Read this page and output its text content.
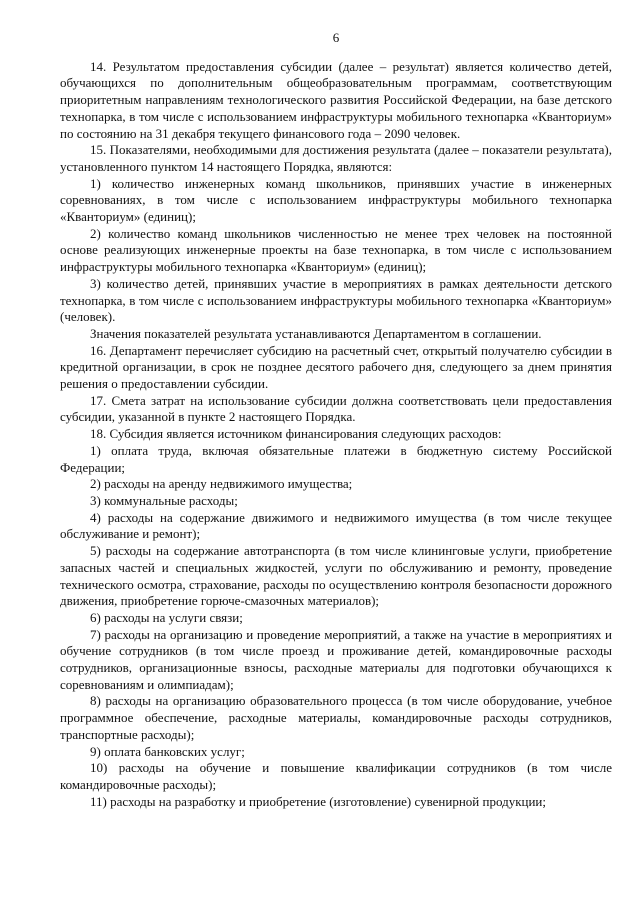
6

14. Результатом предоставления субсидии (далее – результат) является количество детей, обучающихся по дополнительным общеобразовательным программам, соответствующим приоритетным направлениям технологического развития Российской Федерации, на базе детского технопарка, в том числе с использованием инфраструктуры мобильного технопарка «Кванториум» по состоянию на 31 декабря текущего финансового года – 2090 человек.

15. Показателями, необходимыми для достижения результата (далее – показатели результата), установленного пунктом 14 настоящего Порядка, являются:

1) количество инженерных команд школьников, принявших участие в инженерных соревнованиях, в том числе с использованием инфраструктуры мобильного технопарка «Кванториум» (единиц);

2) количество команд школьников численностью не менее трех человек на постоянной основе реализующих инженерные проекты на базе технопарка, в том числе с использованием инфраструктуры мобильного технопарка «Кванториум» (единиц);

3) количество детей, принявших участие в мероприятиях в рамках деятельности детского технопарка, в том числе с использованием инфраструктуры мобильного технопарка «Кванториум» (человек).

Значения показателей результата устанавливаются Департаментом в соглашении.

16. Департамент перечисляет субсидию на расчетный счет, открытый получателю субсидии в кредитной организации, в срок не позднее десятого рабочего дня, следующего за днем принятия решения о предоставлении субсидии.

17. Смета затрат на использование субсидии должна соответствовать цели предоставления субсидии, указанной в пункте 2 настоящего Порядка.

18. Субсидия является источником финансирования следующих расходов:

1) оплата труда, включая обязательные платежи в бюджетную систему Российской Федерации;

2) расходы на аренду недвижимого имущества;

3) коммунальные расходы;

4) расходы на содержание движимого и недвижимого имущества (в том числе текущее обслуживание и ремонт);

5) расходы на содержание автотранспорта (в том числе клининговые услуги, приобретение запасных частей и специальных жидкостей, услуги по обслуживанию и ремонту, проведение технического осмотра, страхование, расходы по осуществлению контроля безопасности дорожного движения, приобретение горюче-смазочных материалов);

6) расходы на услуги связи;

7) расходы на организацию и проведение мероприятий, а также на участие в мероприятиях и обучение сотрудников (в том числе проезд и проживание детей, командировочные расходы сотрудников, организационные взносы, расходные материалы для подготовки обучающихся к соревнованиям и олимпиадам);

8) расходы на организацию образовательного процесса (в том числе оборудование, учебное программное обеспечение, расходные материалы, командировочные расходы сотрудников, транспортные расходы);

9) оплата банковских услуг;

10) расходы на обучение и повышение квалификации сотрудников (в том числе командировочные расходы);

11) расходы на разработку и приобретение (изготовление) сувенирной продукции;
